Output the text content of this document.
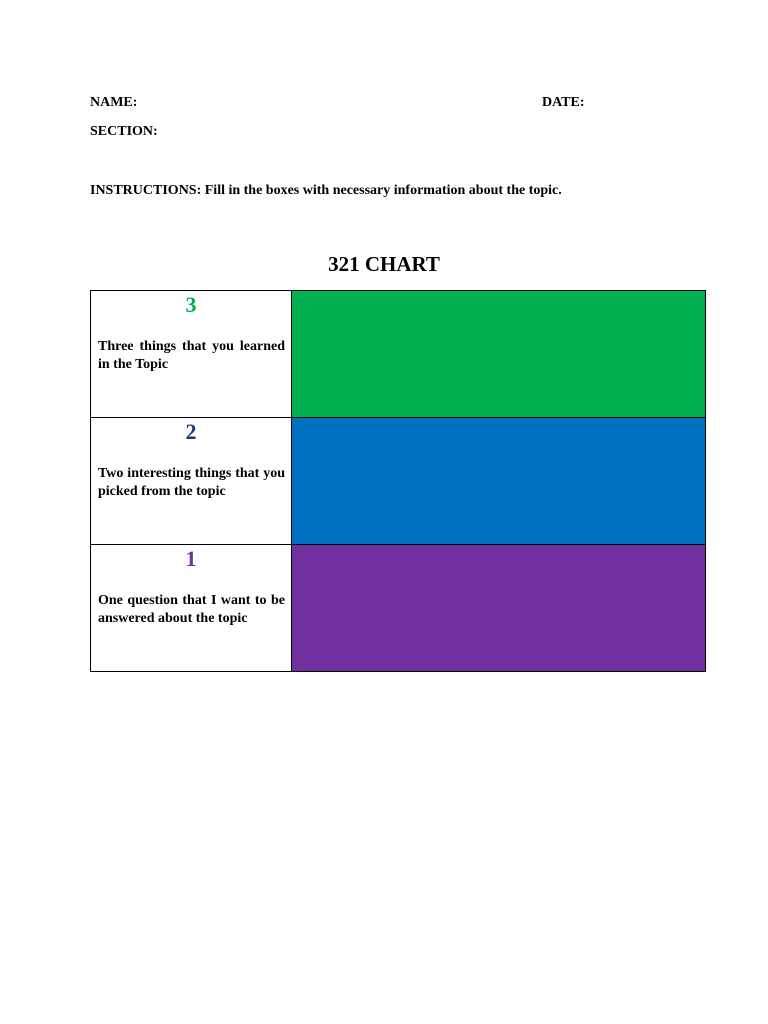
NAME:	DATE:
SECTION:
INSTRUCTIONS: Fill in the boxes with necessary information about the topic.
321 CHART
3
Three things that you learned in the Topic	

2
Two interesting things that you picked from the topic	

1
One question that I want to be answered about the topic	
